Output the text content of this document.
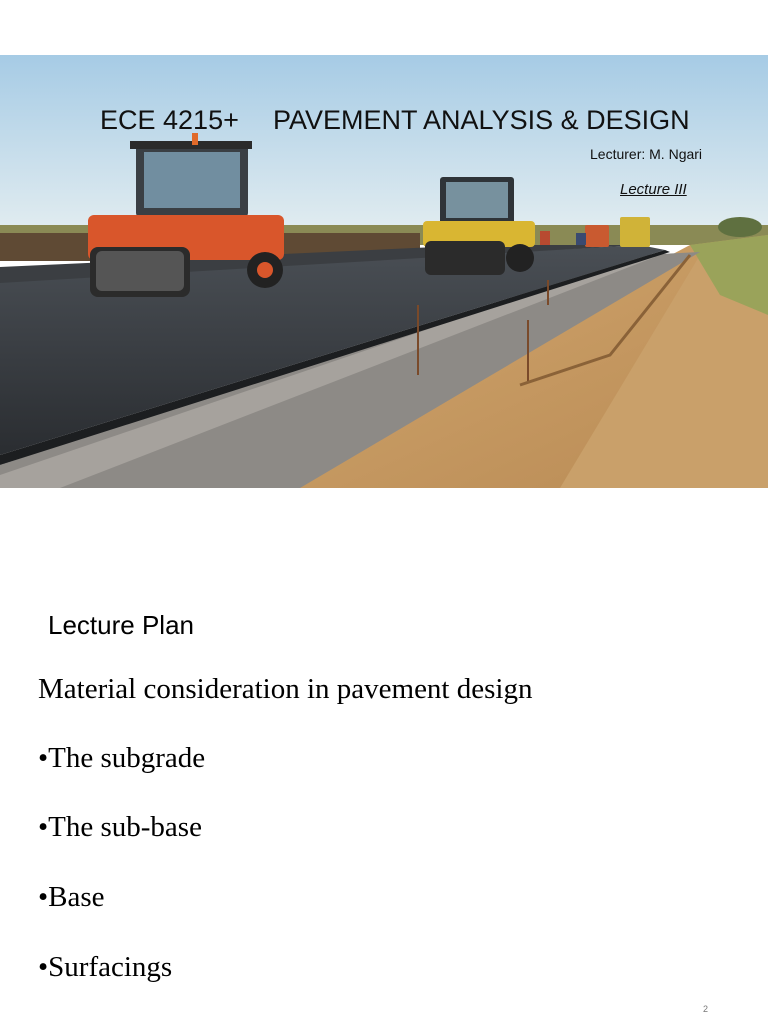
ECE 4215+ PAVEMENT ANALYSIS & DESIGN
Lecturer: M. Ngari
Lecture III
Lecture Plan
Material consideration in pavement design
•The subgrade
•The sub-base
•Base
•Surfacings
2
